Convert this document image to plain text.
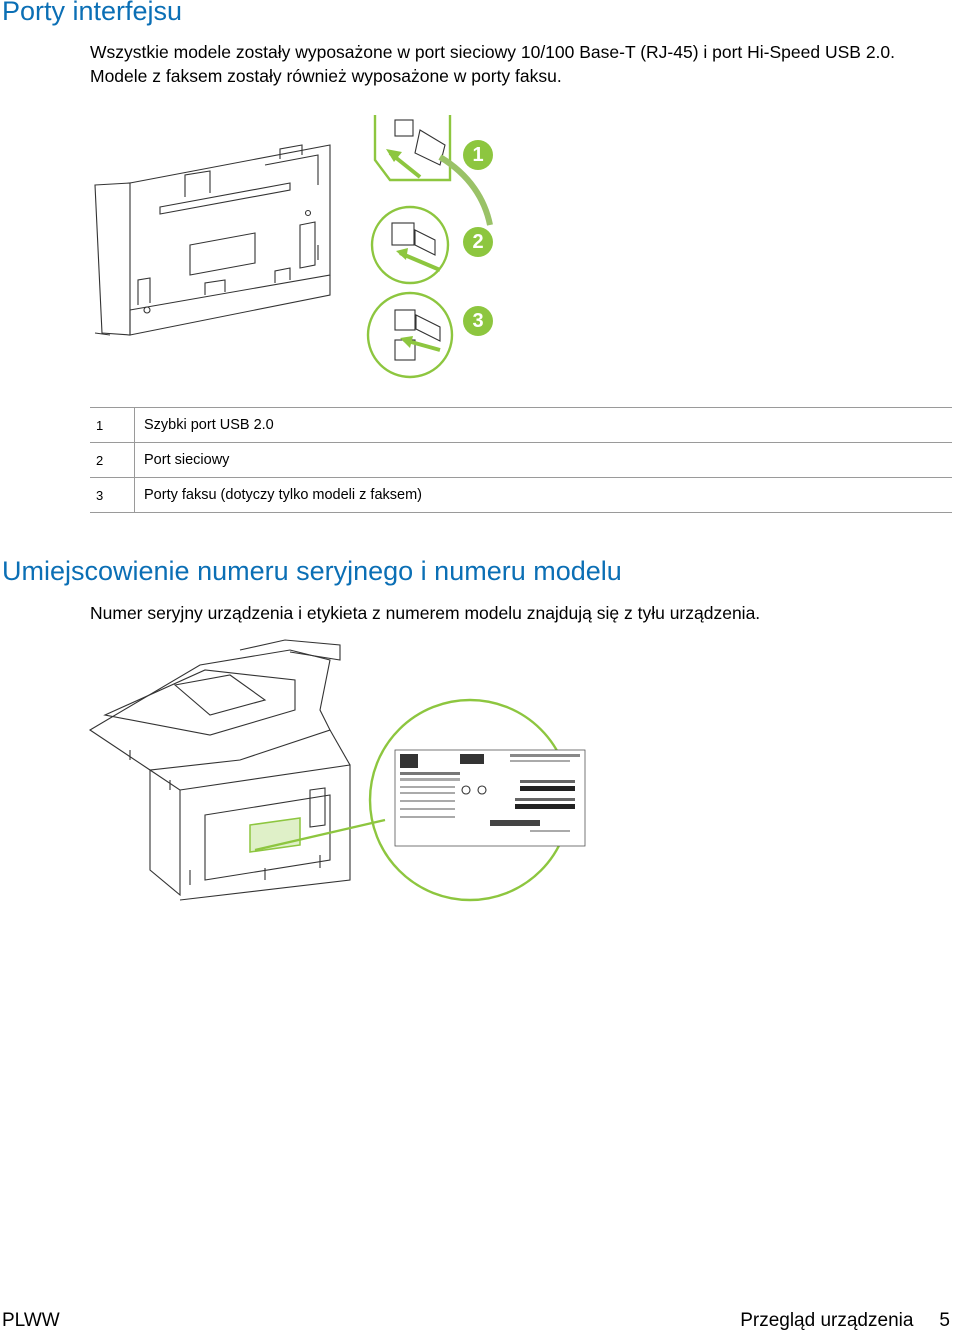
Porty interfejsu

Wszystkie modele zostały wyposażone w port sieciowy 10/100 Base-T (RJ-45) i port Hi-Speed USB 2.0. Modele z faksem zostały również wyposażone w porty faksu.

1
2
3
1	Szybki port USB 2.0
2	Port sieciowy
3	Porty faksu (dotyczy tylko modeli z faksem)
Umiejscowienie numeru seryjnego i numeru modelu

Numer seryjny urządzenia i etykieta z numerem modelu znajdują się z tyłu urządzenia.

PLWW	Przegląd urządzenia 5
